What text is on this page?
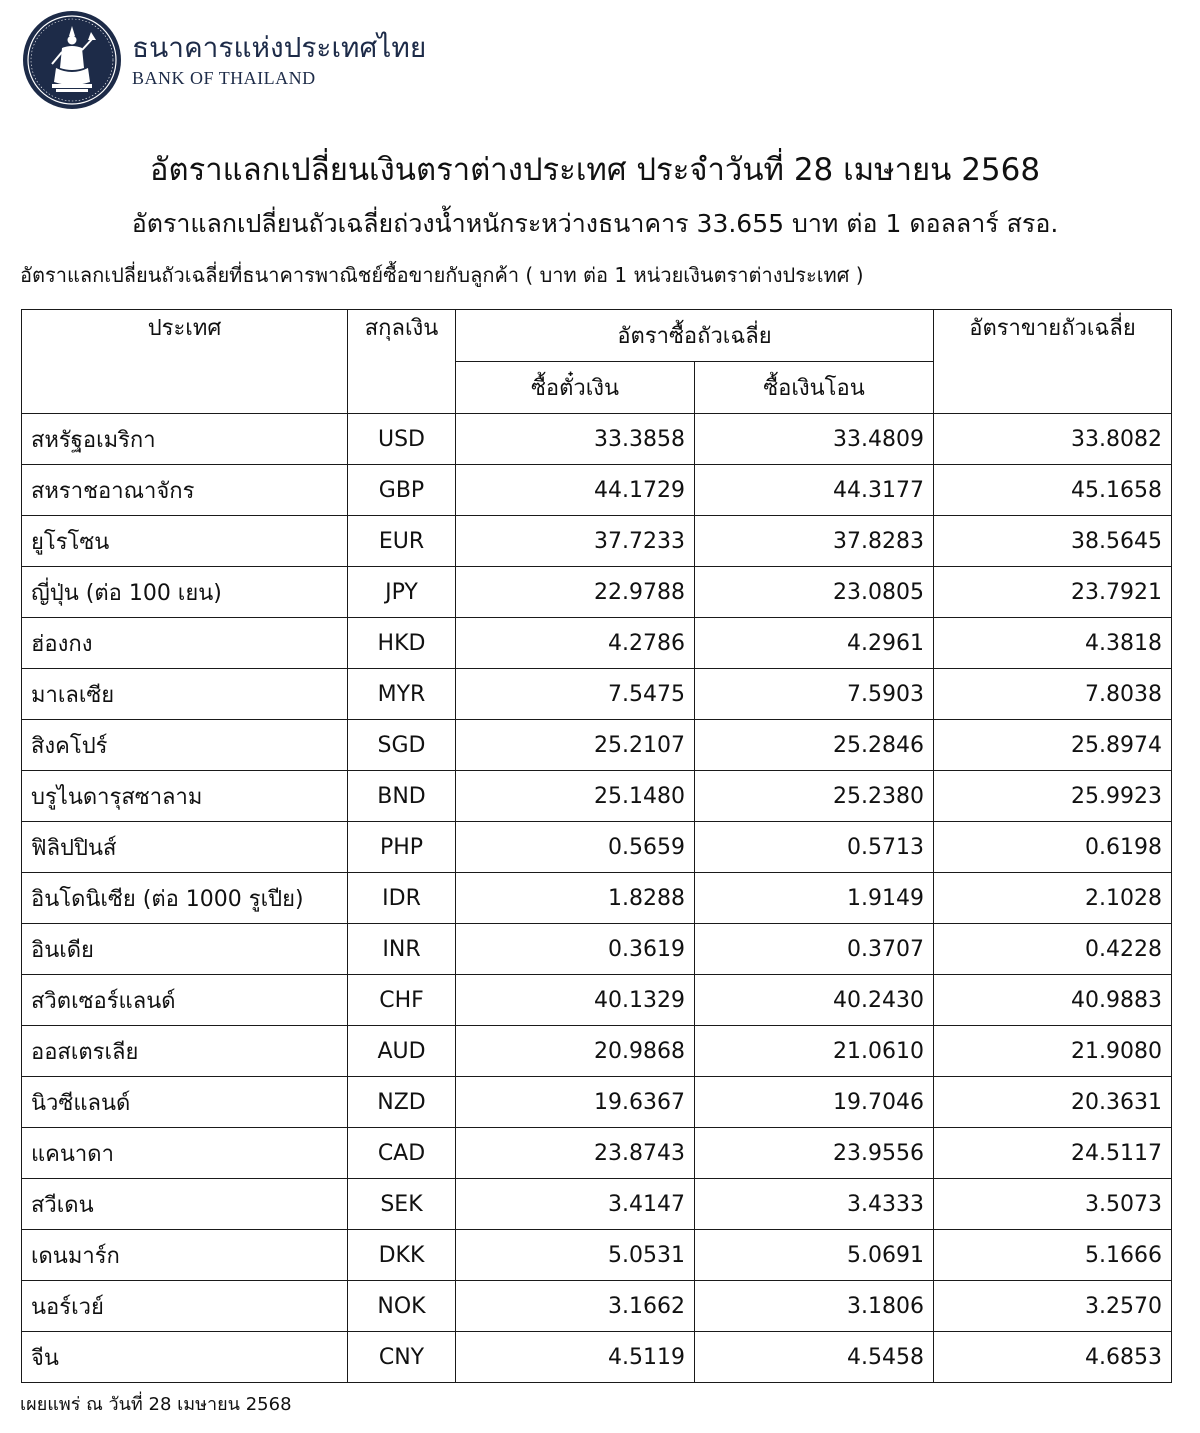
ธนาคารแห่งประเทศไทย
BANK OF THAILAND
อัตราแลกเปลี่ยนเงินตราต่างประเทศ ประจำวันที่ 28 เมษายน 2568
อัตราแลกเปลี่ยนถัวเฉลี่ยถ่วงน้ำหนักระหว่างธนาคาร 33.655 บาท ต่อ 1 ดอลลาร์ สรอ.
อัตราแลกเปลี่ยนถัวเฉลี่ยที่ธนาคารพาณิชย์ซื้อขายกับลูกค้า ( บาท ต่อ 1 หน่วยเงินตราต่างประเทศ )
ประเทศ	สกุลเงิน	อัตราซื้อถัวเฉลี่ย		อัตราขายถัวเฉลี่ย
		ซื้อตั๋วเงิน	ซื้อเงินโอน	
สหรัฐอเมริกา	USD	33.3858	33.4809	33.8082
สหราชอาณาจักร	GBP	44.1729	44.3177	45.1658
ยูโรโซน	EUR	37.7233	37.8283	38.5645
ญี่ปุ่น (ต่อ 100 เยน)	JPY	22.9788	23.0805	23.7921
ฮ่องกง	HKD	4.2786	4.2961	4.3818
มาเลเซีย	MYR	7.5475	7.5903	7.8038
สิงคโปร์	SGD	25.2107	25.2846	25.8974
บรูไนดารุสซาลาม	BND	25.1480	25.2380	25.9923
ฟิลิปปินส์	PHP	0.5659	0.5713	0.6198
อินโดนิเซีย (ต่อ 1000 รูเปีย)	IDR	1.8288	1.9149	2.1028
อินเดีย	INR	0.3619	0.3707	0.4228
สวิตเซอร์แลนด์	CHF	40.1329	40.2430	40.9883
ออสเตรเลีย	AUD	20.9868	21.0610	21.9080
นิวซีแลนด์	NZD	19.6367	19.7046	20.3631
แคนาดา	CAD	23.8743	23.9556	24.5117
สวีเดน	SEK	3.4147	3.4333	3.5073
เดนมาร์ก	DKK	5.0531	5.0691	5.1666
นอร์เวย์	NOK	3.1662	3.1806	3.2570
จีน	CNY	4.5119	4.5458	4.6853
เผยแพร่ ณ วันที่ 28 เมษายน 2568
